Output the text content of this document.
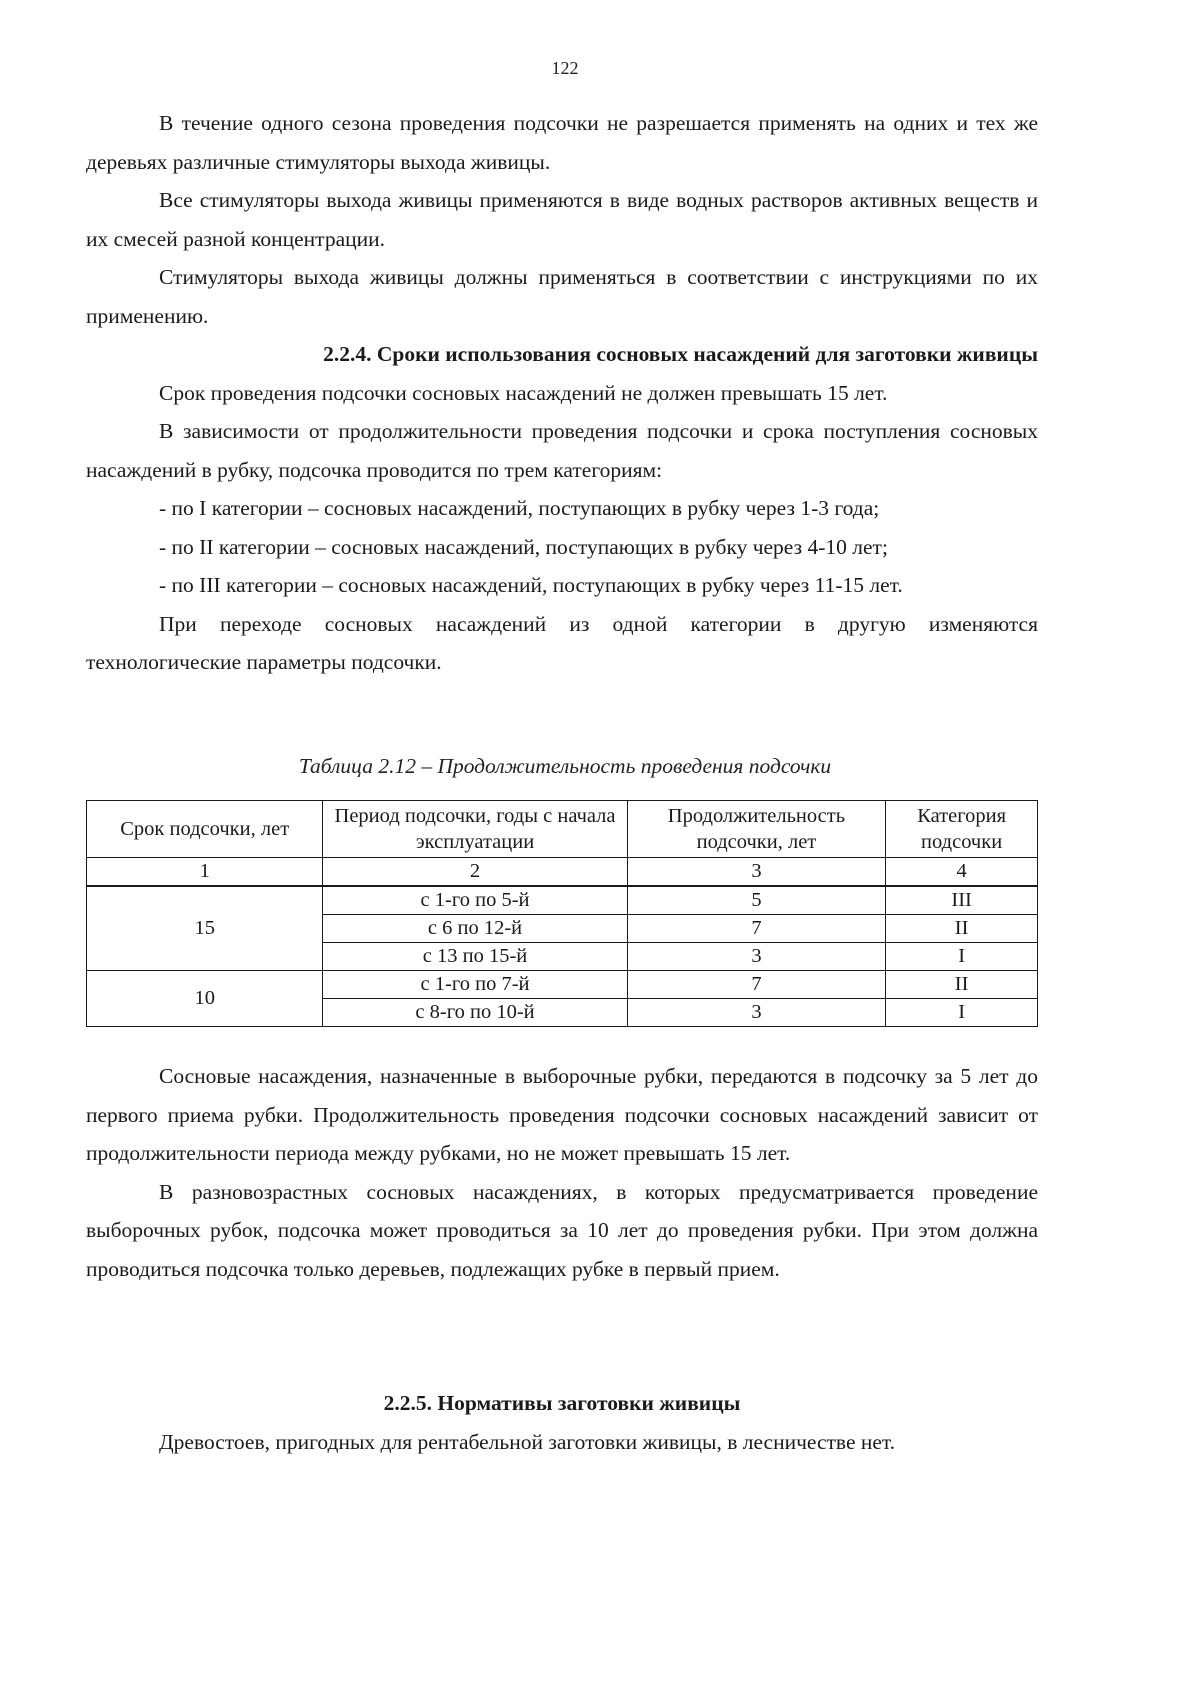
122

В течение одного сезона проведения подсочки не разрешается применять на одних и тех же деревьях различные стимуляторы выхода живицы.

Все стимуляторы выхода живицы применяются в виде водных растворов активных веществ и их смесей разной концентрации.

Стимуляторы выхода живицы должны применяться в соответствии с инструкциями по их применению.

2.2.4. Сроки использования сосновых насаждений для заготовки живицы

Срок проведения подсочки сосновых насаждений не должен превышать 15 лет.

В зависимости от продолжительности проведения подсочки и срока поступления сосновых насаждений в рубку, подсочка проводится по трем категориям:

- по I категории – сосновых насаждений, поступающих в рубку через 1-3 года;

- по II категории – сосновых насаждений, поступающих в рубку через 4-10 лет;

- по III категории – сосновых насаждений, поступающих в рубку через 11-15 лет.

При переходе сосновых насаждений из одной категории в другую изменяются технологические параметры подсочки.

Таблица 2.12 – Продолжительность проведения подсочки
Срок подсочки, лет	Период подсочки, годы с начала эксплуатации	Продолжительность подсочки, лет	Категория подсочки
1	2	3	4
15	с 1-го по 5-й	5	III
	с 6 по 12-й	7	II
	с 13 по 15-й	3	I
10	с 1-го по 7-й	7	II
	с 8-го по 10-й	3	I

Сосновые насаждения, назначенные в выборочные рубки, передаются в подсочку за 5 лет до первого приема рубки. Продолжительность проведения подсочки сосновых насаждений зависит от продолжительности периода между рубками, но не может превышать 15 лет.

В разновозрастных сосновых насаждениях, в которых предусматривается проведение выборочных рубок, подсочка может проводиться за 10 лет до проведения рубки. При этом должна проводиться подсочка только деревьев, подлежащих рубке в первый прием.

2.2.5. Нормативы заготовки живицы

Древостоев, пригодных для рентабельной заготовки живицы, в лесничестве нет.
